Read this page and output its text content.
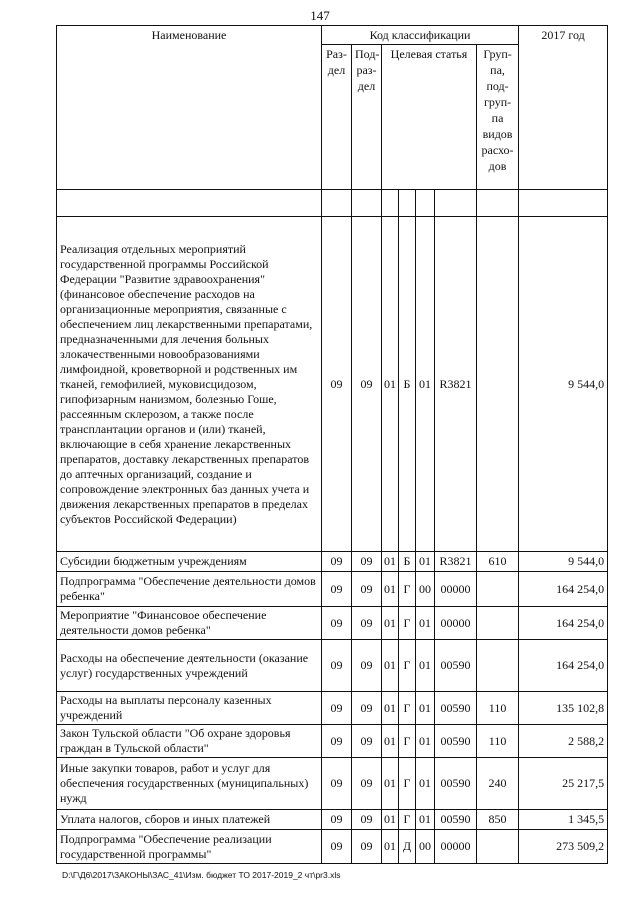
147
Наименование	Код классификации							2017 год
	Раз-дел	Под-раз-дел	Целевая статья				Груп-па, под-груп-па видов расхо-дов	

Реализация отдельных мероприятий государственной программы Российской Федерации "Развитие здравоохранения" (финансовое обеспечение расходов на организационные мероприятия, связанные с обеспечением лиц лекарственными препаратами, предназначенными для лечения больных злокачественными новообразованиями лимфоидной, кроветворной и родственных им тканей, гемофилией, муковисцидозом, гипофизарным нанизмом, болезнью Гоше, рассеянным склерозом, а также после трансплантации органов и (или) тканей, включающие в себя хранение лекарственных препаратов, доставку лекарственных препаратов до аптечных организаций, создание и сопровождение электронных баз данных учета и движения лекарственных препаратов в пределах субъектов Российской Федерации)	09	09	01	Б	01	R3821		9 544,0
Субсидии бюджетным учреждениям	09	09	01	Б	01	R3821	610	9 544,0
Подпрограмма "Обеспечение деятельности домов ребенка"	09	09	01	Г	00	00000		164 254,0
Мероприятие "Финансовое обеспечение деятельности домов ребенка"	09	09	01	Г	01	00000		164 254,0
Расходы на обеспечение деятельности (оказание услуг) государственных учреждений	09	09	01	Г	01	00590		164 254,0
Расходы на выплаты персоналу казенных учреждений	09	09	01	Г	01	00590	110	135 102,8
Закон Тульской области "Об охране здоровья граждан в Тульской области"	09	09	01	Г	01	00590	110	2 588,2
Иные закупки товаров, работ и услуг для обеспечения государственных (муниципальных) нужд	09	09	01	Г	01	00590	240	25 217,5
Уплата налогов, сборов и иных платежей	09	09	01	Г	01	00590	850	1 345,5
Подпрограмма "Обеспечение реализации государственной программы"	09	09	01	Д	00	00000		273 509,2
D:\Г\Д6\2017\ЗАКОНЫ\ЗАС_41\Изм. бюджет ТО 2017-2019_2 чт\pr3.xls
